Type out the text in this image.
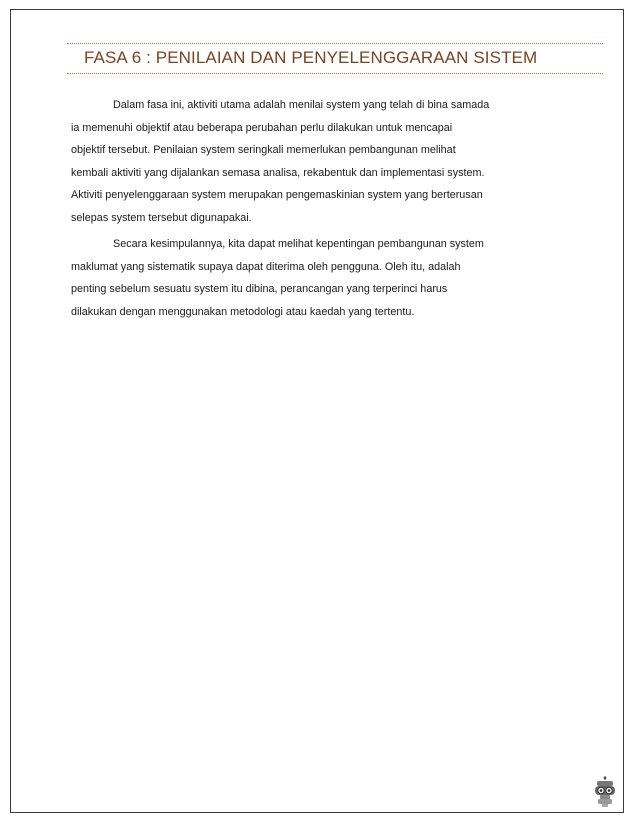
FASA 6 : PENILAIAN DAN PENYELENGGARAAN SISTEM
Dalam fasa ini, aktiviti utama adalah menilai system yang telah di bina samada
ia memenuhi objektif atau beberapa perubahan perlu dilakukan untuk mencapai
objektif tersebut. Penilaian system seringkali memerlukan pembangunan melihat
kembali aktiviti yang dijalankan semasa analisa, rekabentuk dan implementasi system.
Aktiviti penyelenggaraan system merupakan pengemaskinian system yang berterusan
selepas system tersebut digunapakai.
Secara kesimpulannya, kita dapat melihat kepentingan pembangunan system
maklumat yang sistematik supaya dapat diterima oleh pengguna. Oleh itu, adalah
penting sebelum sesuatu system itu dibina, perancangan yang terperinci harus
dilakukan dengan menggunakan metodologi atau kaedah yang tertentu.
